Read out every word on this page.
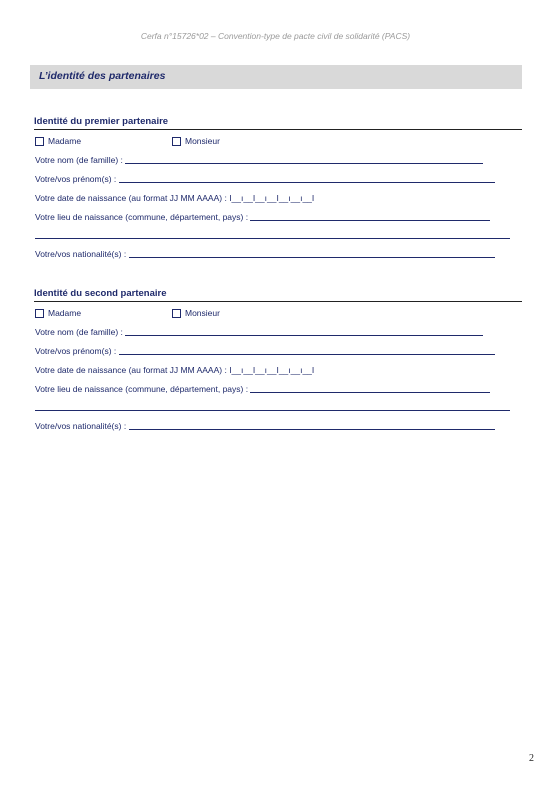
Cerfa n°15726*02 – Convention-type de pacte civil de solidarité (PACS)
L’identité des partenaires
Identité du premier partenaire
Madame	Monsieur
Votre nom (de famille) :
Votre/vos prénom(s) :
Votre date de naissance (au format JJ MM AAAA) : I__ı__I__ı__I__ı__ı__I
Votre lieu de naissance (commune, département, pays) :
Votre/vos nationalité(s) :
Identité du second partenaire
Madame	Monsieur
Votre nom (de famille) :
Votre/vos prénom(s) :
Votre date de naissance (au format JJ MM AAAA) : I__ı__I__ı__I__ı__ı__I
Votre lieu de naissance (commune, département, pays) :
Votre/vos nationalité(s) :
2
